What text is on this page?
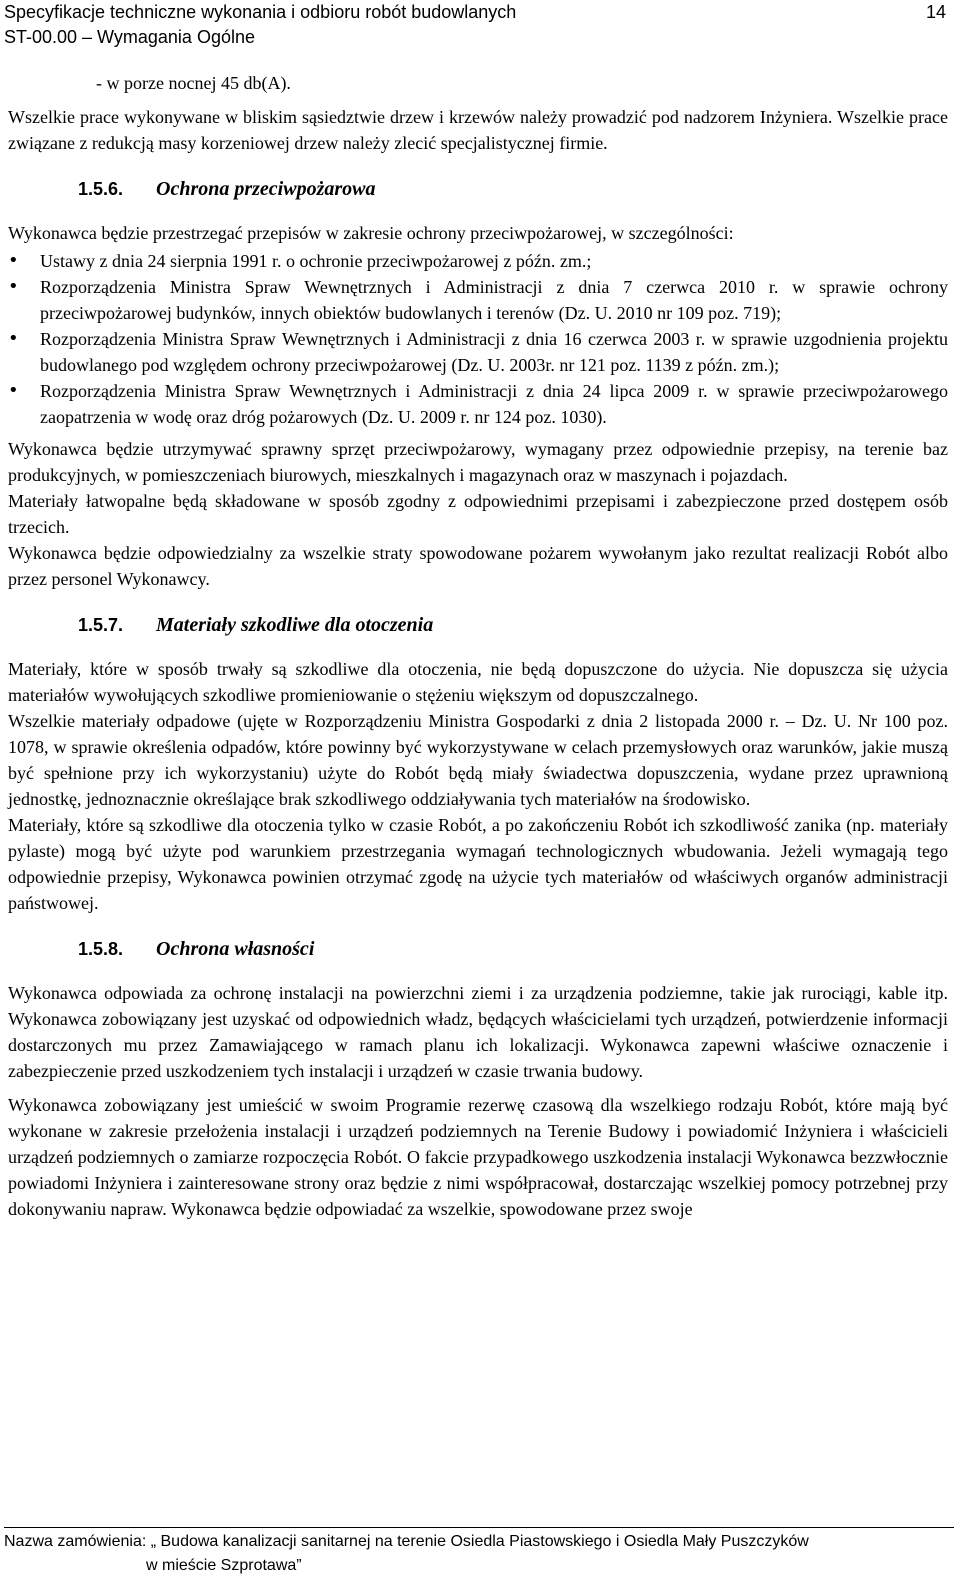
Specyfikacje techniczne wykonania i odbioru robót budowlanych
ST-00.00 – Wymagania Ogólne
14

- w porze nocnej 45 db(A).

Wszelkie prace wykonywane w bliskim sąsiedztwie drzew i krzewów należy prowadzić pod nadzorem Inżyniera. Wszelkie prace związane z redukcją masy korzeniowej drzew należy zlecić specjalistycznej firmie.

1.5.6. Ochrona przeciwpożarowa

Wykonawca będzie przestrzegać przepisów w zakresie ochrony przeciwpożarowej, w szczególności:

• Ustawy z dnia 24 sierpnia 1991 r. o ochronie przeciwpożarowej z późn. zm.;
• Rozporządzenia Ministra Spraw Wewnętrznych i Administracji z dnia 7 czerwca 2010 r. w sprawie ochrony przeciwpożarowej budynków, innych obiektów budowlanych i terenów (Dz. U. 2010 nr 109 poz. 719);
• Rozporządzenia Ministra Spraw Wewnętrznych i Administracji z dnia 16 czerwca 2003 r. w sprawie uzgodnienia projektu budowlanego pod względem ochrony przeciwpożarowej (Dz. U. 2003r. nr 121 poz. 1139 z późn. zm.);
• Rozporządzenia Ministra Spraw Wewnętrznych i Administracji z dnia 24 lipca 2009 r. w sprawie przeciwpożarowego zaopatrzenia w wodę oraz dróg pożarowych (Dz. U. 2009 r. nr 124 poz. 1030).

Wykonawca będzie utrzymywać sprawny sprzęt przeciwpożarowy, wymagany przez odpowiednie przepisy, na terenie baz produkcyjnych, w pomieszczeniach biurowych, mieszkalnych i magazynach oraz w maszynach i pojazdach.

Materiały łatwopalne będą składowane w sposób zgodny z odpowiednimi przepisami i zabezpieczone przed dostępem osób trzecich.

Wykonawca będzie odpowiedzialny za wszelkie straty spowodowane pożarem wywołanym jako rezultat realizacji Robót albo przez personel Wykonawcy.

1.5.7. Materiały szkodliwe dla otoczenia

Materiały, które w sposób trwały są szkodliwe dla otoczenia, nie będą dopuszczone do użycia. Nie dopuszcza się użycia materiałów wywołujących szkodliwe promieniowanie o stężeniu większym od dopuszczalnego.

Wszelkie materiały odpadowe (ujęte w Rozporządzeniu Ministra Gospodarki z dnia 2 listopada 2000 r. – Dz. U. Nr 100 poz. 1078, w sprawie określenia odpadów, które powinny być wykorzystywane w celach przemysłowych oraz warunków, jakie muszą być spełnione przy ich wykorzystaniu) użyte do Robót będą miały świadectwa dopuszczenia, wydane przez uprawnioną jednostkę, jednoznacznie określające brak szkodliwego oddziaływania tych materiałów na środowisko.

Materiały, które są szkodliwe dla otoczenia tylko w czasie Robót, a po zakończeniu Robót ich szkodliwość zanika (np. materiały pylaste) mogą być użyte pod warunkiem przestrzegania wymagań technologicznych wbudowania. Jeżeli wymagają tego odpowiednie przepisy, Wykonawca powinien otrzymać zgodę na użycie tych materiałów od właściwych organów administracji państwowej.

1.5.8. Ochrona własności

Wykonawca odpowiada za ochronę instalacji na powierzchni ziemi i za urządzenia podziemne, takie jak rurociągi, kable itp. Wykonawca zobowiązany jest uzyskać od odpowiednich władz, będących właścicielami tych urządzeń, potwierdzenie informacji dostarczonych mu przez Zamawiającego w ramach planu ich lokalizacji. Wykonawca zapewni właściwe oznaczenie i zabezpieczenie przed uszkodzeniem tych instalacji i urządzeń w czasie trwania budowy.

Wykonawca zobowiązany jest umieścić w swoim Programie rezerwę czasową dla wszelkiego rodzaju Robót, które mają być wykonane w zakresie przełożenia instalacji i urządzeń podziemnych na Terenie Budowy i powiadomić Inżyniera i właścicieli urządzeń podziemnych o zamiarze rozpoczęcia Robót. O fakcie przypadkowego uszkodzenia instalacji Wykonawca bezzwłocznie powiadomi Inżyniera i zainteresowane strony oraz będzie z nimi współpracował, dostarczając wszelkiej pomocy potrzebnej przy dokonywaniu napraw. Wykonawca będzie odpowiadać za wszelkie, spowodowane przez swoje

Nazwa zamówienia: „ Budowa kanalizacji sanitarnej na terenie Osiedla Piastowskiego i Osiedla Mały Puszczyków
w mieście Szprotawa”
